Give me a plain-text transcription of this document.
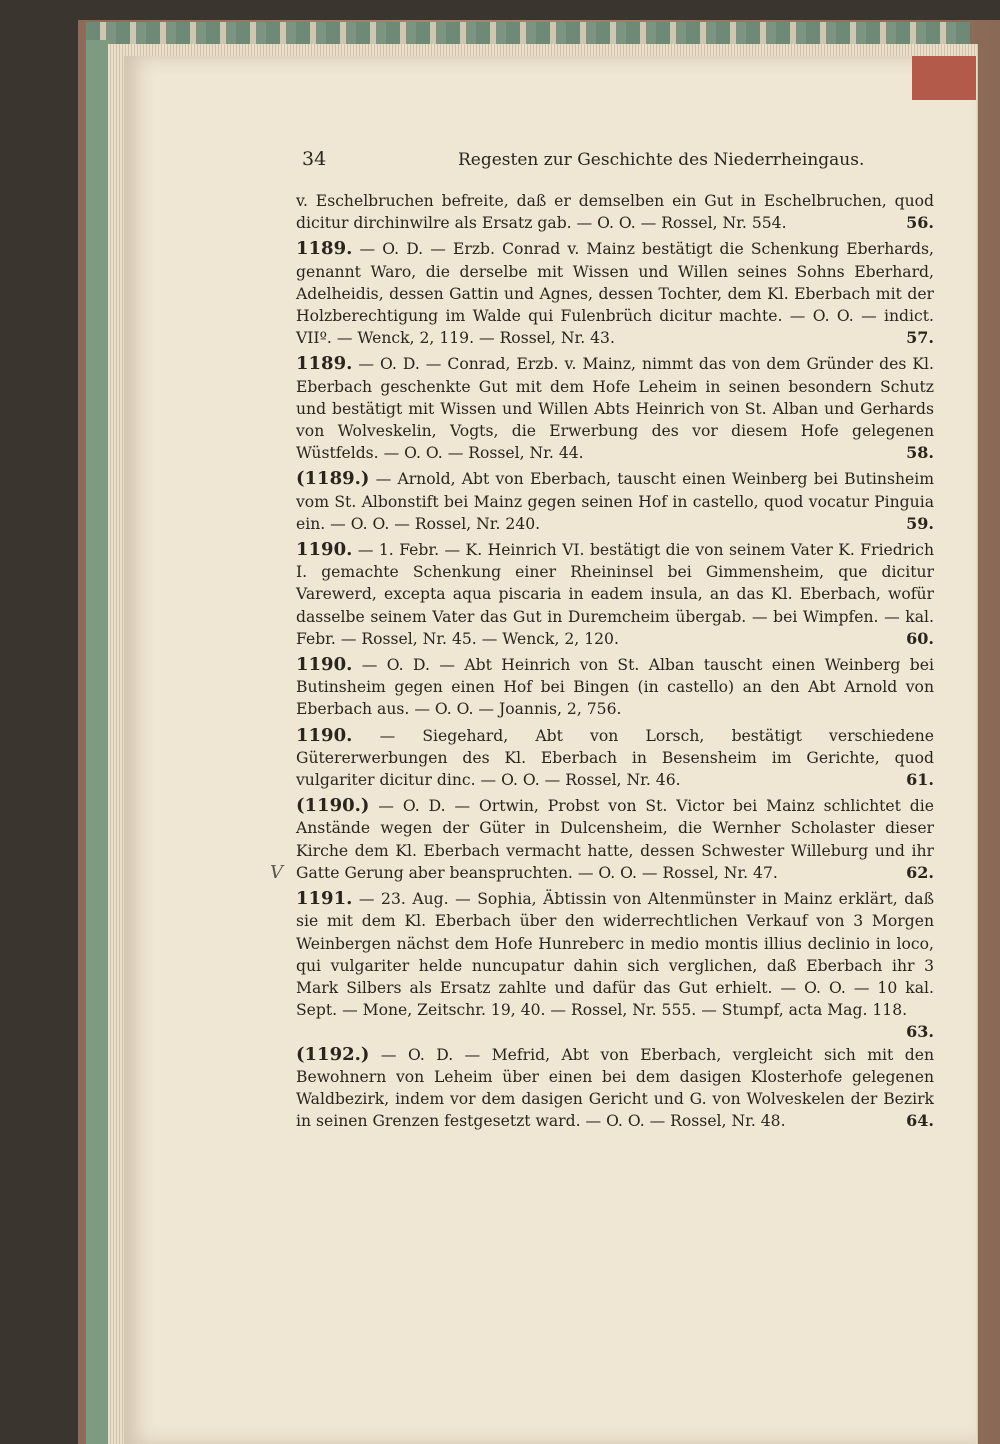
34	Regesten zur Geschichte des Niederrheingaus.
V

v. Eschelbruchen befreite, daß er demselben ein Gut in Eschelbruchen, quod dicitur dirchinwilre als Ersatz gab. — O. O. — Rossel, Nr. 554.	56.

1189. — O. D. — Erzb. Conrad v. Mainz bestätigt die Schenkung Eberhards, genannt Waro, die derselbe mit Wissen und Willen seines Sohns Eberhard, Adelheidis, dessen Gattin und Agnes, dessen Tochter, dem Kl. Eberbach mit der Holzberechtigung im Walde qui Fulenbrüch dicitur machte. — O. O. — indict. VIIº. — Wenck, 2, 119. — Rossel, Nr. 43.	57.

1189. — O. D. — Conrad, Erzb. v. Mainz, nimmt das von dem Gründer des Kl. Eberbach geschenkte Gut mit dem Hofe Leheim in seinen besondern Schutz und bestätigt mit Wissen und Willen Abts Heinrich von St. Alban und Gerhards von Wolveskelin, Vogts, die Erwerbung des vor diesem Hofe gelegenen Wüstfelds. — O. O. — Rossel, Nr. 44.	58.

(1189.) — Arnold, Abt von Eberbach, tauscht einen Weinberg bei Butinsheim vom St. Albonstift bei Mainz gegen seinen Hof in castello, quod vocatur Pinguia ein. — O. O. — Rossel, Nr. 240.	59.

1190. — 1. Febr. — K. Heinrich VI. bestätigt die von seinem Vater K. Friedrich I. gemachte Schenkung einer Rheininsel bei Gimmensheim, que dicitur Varewerd, excepta aqua piscaria in eadem insula, an das Kl. Eberbach, wofür dasselbe seinem Vater das Gut in Duremcheim übergab. — bei Wimpfen. — kal. Febr. — Rossel, Nr. 45. — Wenck, 2, 120.	60.

1190. — O. D. — Abt Heinrich von St. Alban tauscht einen Weinberg bei Butinsheim gegen einen Hof bei Bingen (in castello) an den Abt Arnold von Eberbach aus. — O. O. — Joannis, 2, 756.

1190. — Siegehard, Abt von Lorsch, bestätigt verschiedene Gütererwerbungen des Kl. Eberbach in Besensheim im Gerichte, quod vulgariter dicitur dinc. — O. O. — Rossel, Nr. 46.	61.

(1190.) — O. D. — Ortwin, Probst von St. Victor bei Mainz schlichtet die Anstände wegen der Güter in Dulcensheim, die Wernher Scholaster dieser Kirche dem Kl. Eberbach vermacht hatte, dessen Schwester Willeburg und ihr Gatte Gerung aber beanspruchten. — O. O. — Rossel, Nr. 47.	62.

1191. — 23. Aug. — Sophia, Äbtissin von Altenmünster in Mainz erklärt, daß sie mit dem Kl. Eberbach über den widerrechtlichen Verkauf von 3 Morgen Weinbergen nächst dem Hofe Hunreberc in medio montis illius declinio in loco, qui vulgariter helde nuncupatur dahin sich verglichen, daß Eberbach ihr 3 Mark Silbers als Ersatz zahlte und dafür das Gut erhielt. — O. O. — 10 kal. Sept. — Mone, Zeitschr. 19, 40. — Rossel, Nr. 555. — Stumpf, acta Mag. 118.
63.

(1192.) — O. D. — Mefrid, Abt von Eberbach, vergleicht sich mit den Bewohnern von Leheim über einen bei dem dasigen Klosterhofe gelegenen Waldbezirk, indem vor dem dasigen Gericht und G. von Wolveskelen der Bezirk in seinen Grenzen festgesetzt ward. — O. O. — Rossel, Nr. 48.	64.
